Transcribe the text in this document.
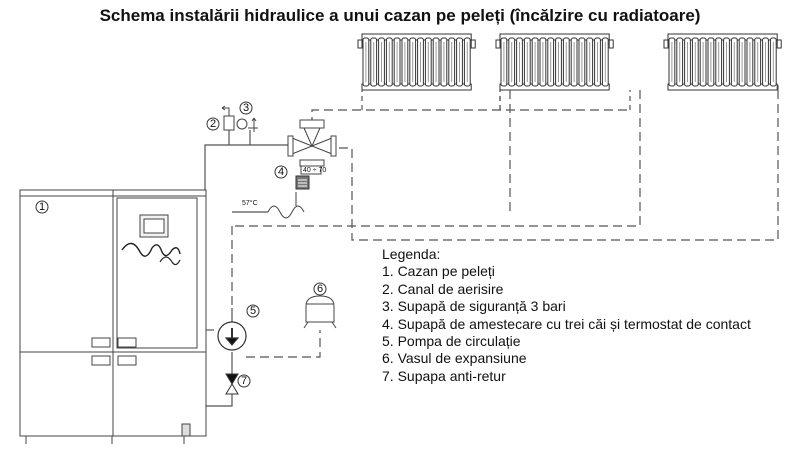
Schema instalării hidraulice a unui cazan pe peleți (încălzire cu radiatoare)
40 ÷ 70
57°C
1
2
3
4
5
6
7
Legenda:
1. Cazan pe peleți
2. Canal de aerisire
3. Supapă de siguranță 3 bari
4. Supapă de amestecare cu trei căi și termostat de contact
5. Pompa de circulație
6. Vasul de expansiune
7. Supapa anti-retur
